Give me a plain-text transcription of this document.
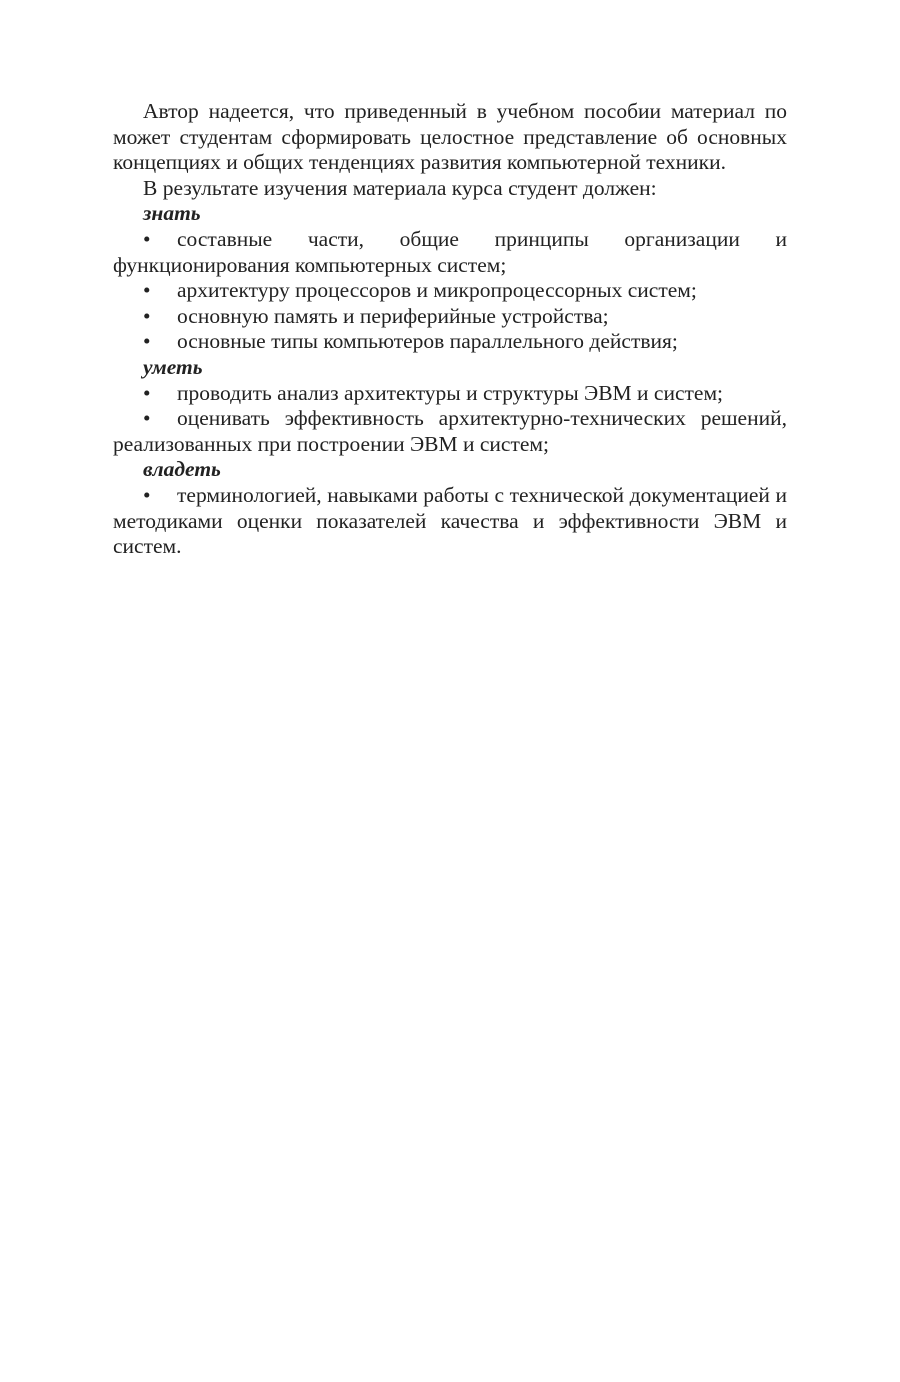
Автор надеется, что приведенный в учебном пособии материал по может студентам сформировать целостное представление об основных концепциях и общих тенденциях развития компьютерной техники.

В результате изучения материала курса студент должен:

знать

• составные части, общие принципы организации и функционирования компьютерных систем;

• архитектуру процессоров и микропроцессорных систем;

• основную память и периферийные устройства;

• основные типы компьютеров параллельного действия;

уметь

• проводить анализ архитектуры и структуры ЭВМ и систем;

• оценивать эффективность архитектурно-технических решений, реализованных при построении ЭВМ и систем;

владеть

• терминологией, навыками работы с технической документацией и методиками оценки показателей качества и эффективности ЭВМ и систем.
